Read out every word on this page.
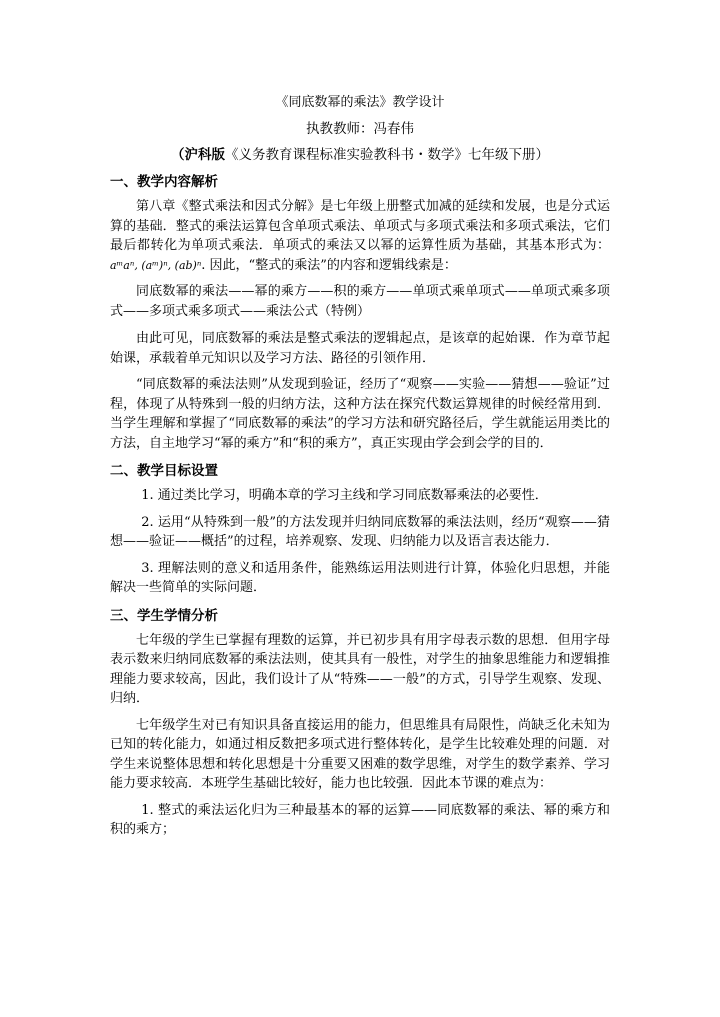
《同底数幂的乘法》教学设计
执教教师：冯春伟
（沪科版《义务教育课程标准实验教科书・数学》七年级下册）
一、教学内容解析

第八章《整式乘法和因式分解》是七年级上册整式加减的延续和发展，也是分式运算的基础．整式的乘法运算包含单项式乘法、单项式与多项式乘法和多项式乘法，它们最后都转化为单项式乘法．单项式的乘法又以幂的运算性质为基础，其基本形式为：aᵐaⁿ, (aᵐ)ⁿ, (ab)ⁿ. 因此，“整式的乘法”的内容和逻辑线索是：

同底数幂的乘法——幂的乘方——积的乘方——单项式乘单项式——单项式乘多项式——多项式乘多项式——乘法公式（特例）

由此可见，同底数幂的乘法是整式乘法的逻辑起点，是该章的起始课．作为章节起始课，承载着单元知识以及学习方法、路径的引领作用．

“同底数幂的乘法法则”从发现到验证，经历了“观察——实验——猜想——验证”过程，体现了从特殊到一般的归纳方法，这种方法在探究代数运算规律的时候经常用到．当学生理解和掌握了“同底数幂的乘法”的学习方法和研究路径后，学生就能运用类比的方法，自主地学习“幂的乘方”和“积的乘方”，真正实现由学会到会学的目的．

二、教学目标设置

1. 通过类比学习，明确本章的学习主线和学习同底数幂乘法的必要性．

2. 运用“从特殊到一般”的方法发现并归纳同底数幂的乘法法则，经历“观察——猜想——验证——概括”的过程，培养观察、发现、归纳能力以及语言表达能力．

3. 理解法则的意义和适用条件，能熟练运用法则进行计算，体验化归思想，并能解决一些简单的实际问题．

三、学生学情分析

七年级的学生已掌握有理数的运算，并已初步具有用字母表示数的思想．但用字母表示数来归纳同底数幂的乘法法则，使其具有一般性，对学生的抽象思维能力和逻辑推理能力要求较高，因此，我们设计了从“特殊——一般”的方式，引导学生观察、发现、归纳．

七年级学生对已有知识具备直接运用的能力，但思维具有局限性，尚缺乏化未知为已知的转化能力，如通过相反数把多项式进行整体转化，是学生比较难处理的问题．对学生来说整体思想和转化思想是十分重要又困难的数学思维，对学生的数学素养、学习能力要求较高．本班学生基础比较好，能力也比较强．因此本节课的难点为：

1. 整式的乘法运化归为三种最基本的幂的运算——同底数幂的乘法、幂的乘方和积的乘方；
